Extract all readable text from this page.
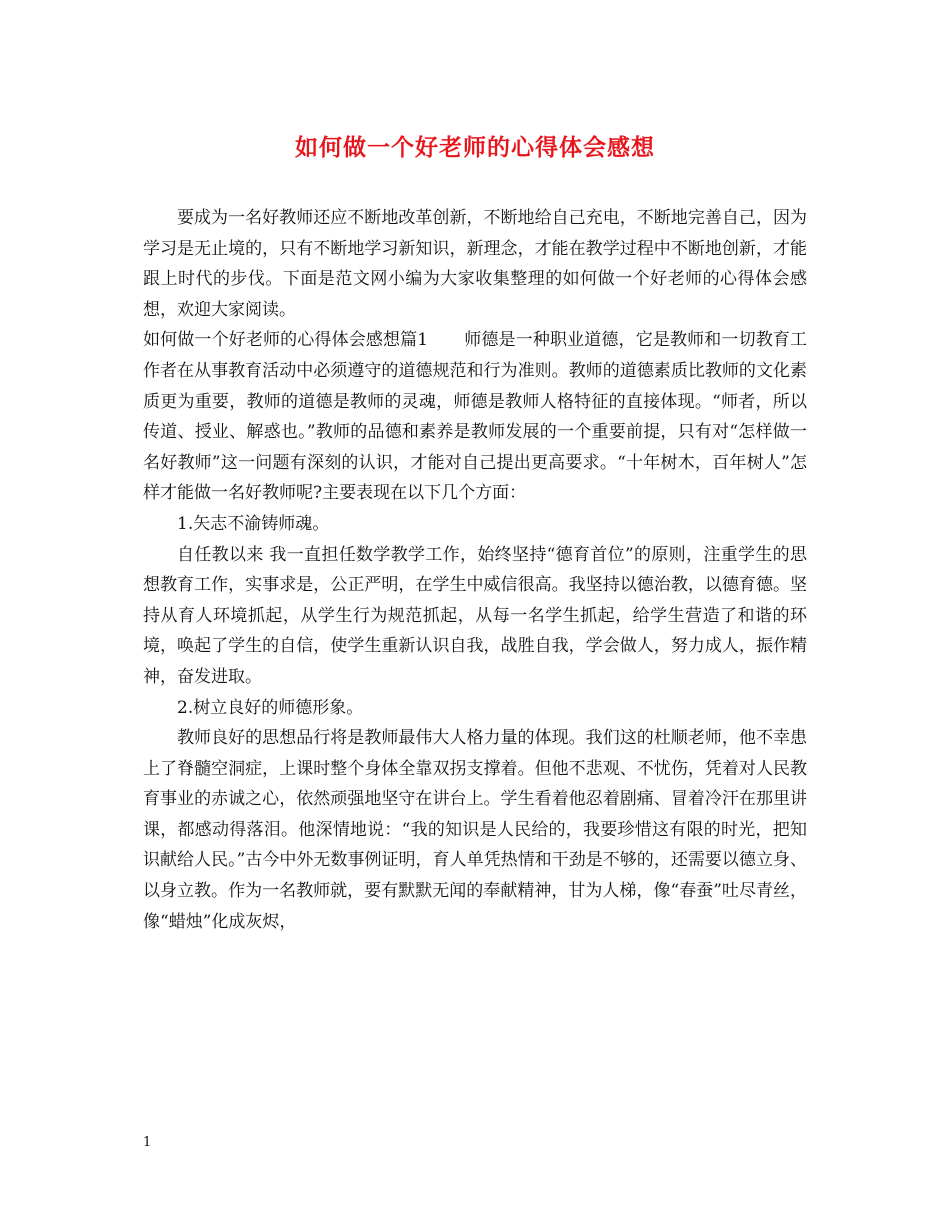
如何做一个好老师的心得体会感想

要成为一名好教师还应不断地改革创新，不断地给自己充电，不断地完善自己，因为学习是无止境的，只有不断地学习新知识，新理念，才能在教学过程中不断地创新，才能跟上时代的步伐。下面是范文网小编为大家收集整理的如何做一个好老师的心得体会感想，欢迎大家阅读。

如何做一个好老师的心得体会感想篇1 师德是一种职业道德，它是教师和一切教育工作者在从事教育活动中必须遵守的道德规范和行为准则。教师的道德素质比教师的文化素质更为重要，教师的道德是教师的灵魂，师德是教师人格特征的直接体现。“师者，所以传道、授业、解惑也。”教师的品德和素养是教师发展的一个重要前提，只有对“怎样做一名好教师”这一问题有深刻的认识，才能对自己提出更高要求。“十年树木，百年树人”怎样才能做一名好教师呢?主要表现在以下几个方面：

1.矢志不渝铸师魂。

自任教以来 我一直担任数学教学工作，始终坚持“德育首位”的原则，注重学生的思想教育工作，实事求是，公正严明，在学生中威信很高。我坚持以德治教，以德育德。坚持从育人环境抓起，从学生行为规范抓起，从每一名学生抓起，给学生营造了和谐的环境，唤起了学生的自信，使学生重新认识自我，战胜自我，学会做人，努力成人，振作精神，奋发进取。

2.树立良好的师德形象。

教师良好的思想品行将是教师最伟大人格力量的体现。我们这的杜顺老师，他不幸患上了脊髓空洞症，上课时整个身体全靠双拐支撑着。但他不悲观、不忧伤，凭着对人民教育事业的赤诚之心，依然顽强地坚守在讲台上。学生看着他忍着剧痛、冒着冷汗在那里讲课，都感动得落泪。他深情地说：“我的知识是人民给的，我要珍惜这有限的时光，把知识献给人民。”古今中外无数事例证明，育人单凭热情和干劲是不够的，还需要以德立身、以身立教。作为一名教师就，要有默默无闻的奉献精神，甘为人梯，像“春蚕”吐尽青丝，像“蜡烛”化成灰烬，

1
